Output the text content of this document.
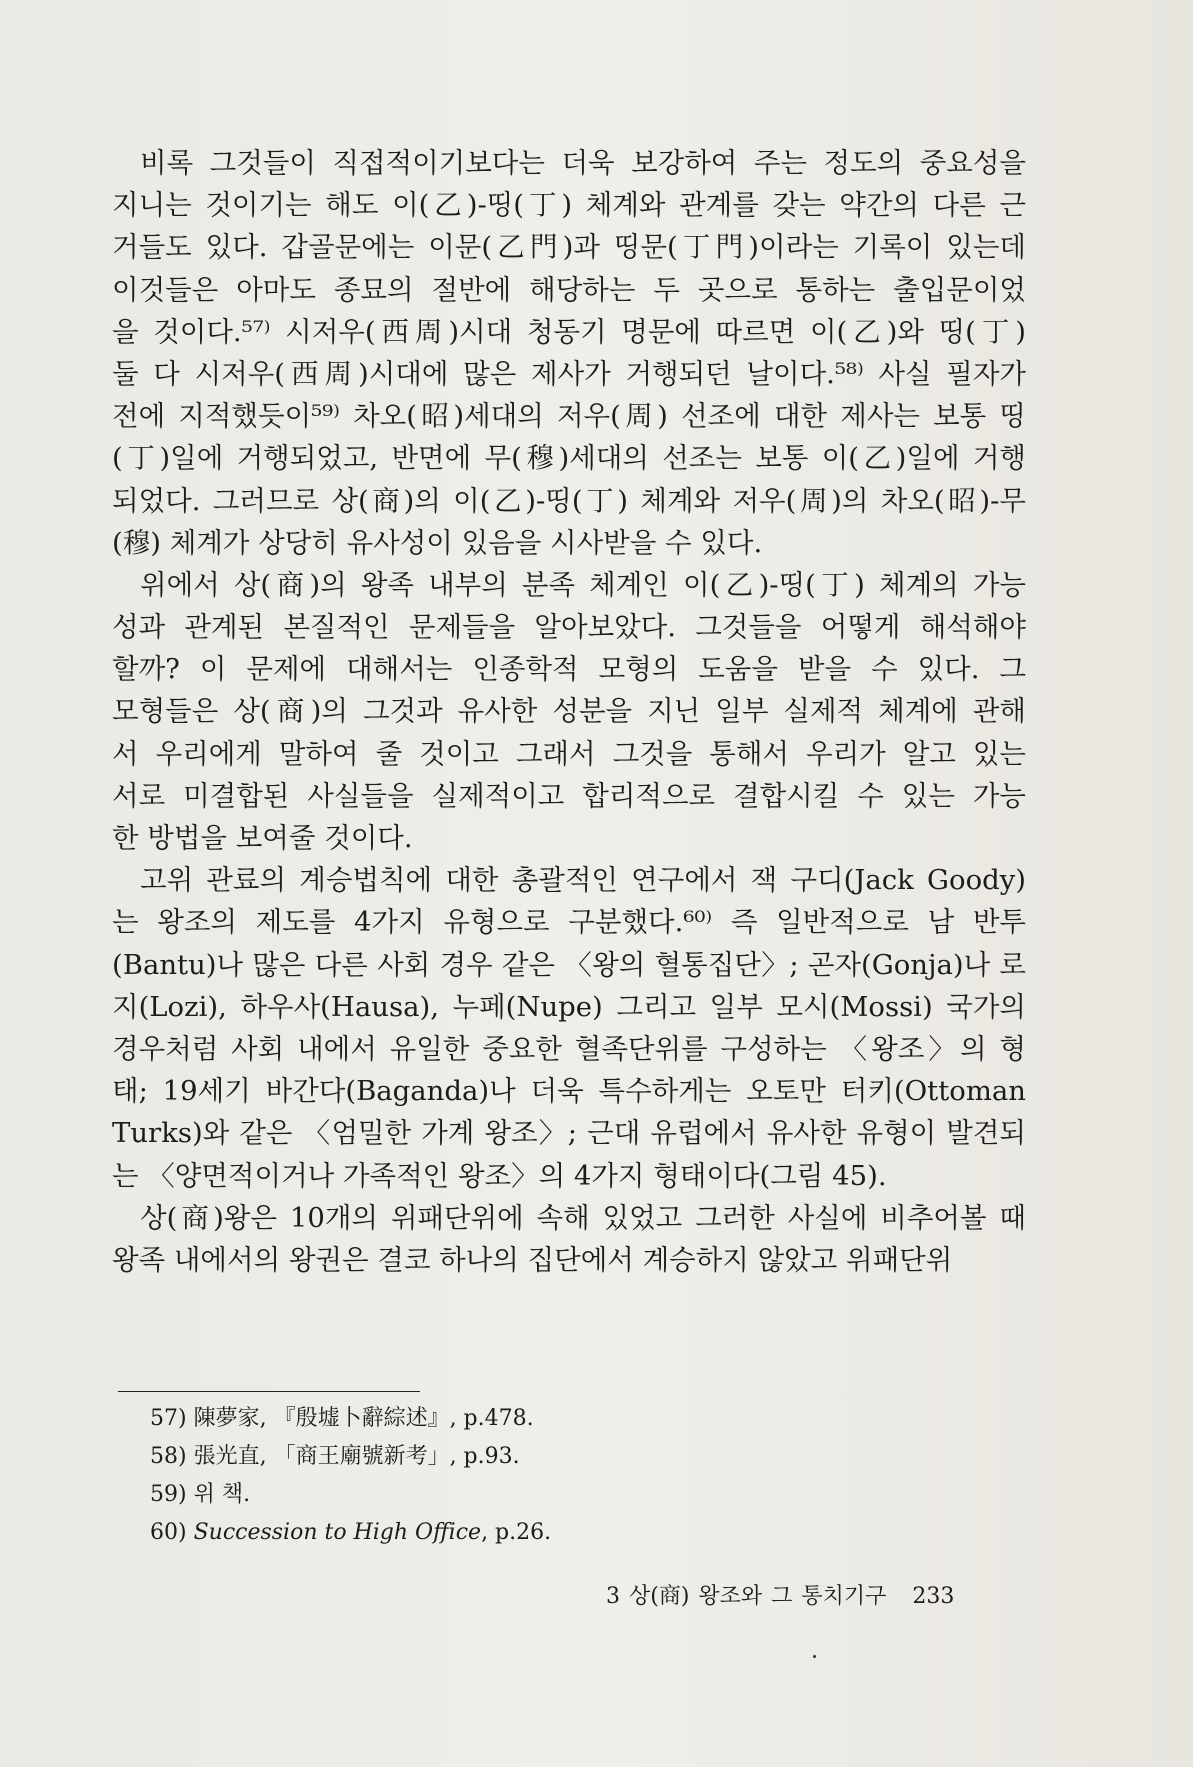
비록 그것들이 직접적이기보다는 더욱 보강하여 주는 정도의 중요성을
지니는 것이기는 해도 이(乙)-띵(丁) 체계와 관계를 갖는 약간의 다른 근
거들도 있다. 갑골문에는 이문(乙門)과 띵문(丁門)이라는 기록이 있는데
이것들은 아마도 종묘의 절반에 해당하는 두 곳으로 통하는 출입문이었
을 것이다.⁵⁷⁾ 시저우(西周)시대 청동기 명문에 따르면 이(乙)와 띵(丁)
둘 다 시저우(西周)시대에 많은 제사가 거행되던 날이다.⁵⁸⁾ 사실 필자가
전에 지적했듯이⁵⁹⁾ 차오(昭)세대의 저우(周) 선조에 대한 제사는 보통 띵
(丁)일에 거행되었고, 반면에 무(穆)세대의 선조는 보통 이(乙)일에 거행
되었다. 그러므로 상(商)의 이(乙)-띵(丁) 체계와 저우(周)의 차오(昭)-무
(穆) 체계가 상당히 유사성이 있음을 시사받을 수 있다.
위에서 상(商)의 왕족 내부의 분족 체계인 이(乙)-띵(丁) 체계의 가능
성과 관계된 본질적인 문제들을 알아보았다. 그것들을 어떻게 해석해야
할까? 이 문제에 대해서는 인종학적 모형의 도움을 받을 수 있다. 그
모형들은 상(商)의 그것과 유사한 성분을 지닌 일부 실제적 체계에 관해
서 우리에게 말하여 줄 것이고 그래서 그것을 통해서 우리가 알고 있는
서로 미결합된 사실들을 실제적이고 합리적으로 결합시킬 수 있는 가능
한 방법을 보여줄 것이다.
고위 관료의 계승법칙에 대한 총괄적인 연구에서 잭 구디(Jack Goody)
는 왕조의 제도를 4가지 유형으로 구분했다.⁶⁰⁾ 즉 일반적으로 남 반투
(Bantu)나 많은 다른 사회 경우 같은 〈왕의 혈통집단〉; 곤자(Gonja)나 로
지(Lozi), 하우사(Hausa), 누페(Nupe) 그리고 일부 모시(Mossi) 국가의
경우처럼 사회 내에서 유일한 중요한 혈족단위를 구성하는 〈왕조〉의 형
태; 19세기 바간다(Baganda)나 더욱 특수하게는 오토만 터키(Ottoman
Turks)와 같은 〈엄밀한 가계 왕조〉; 근대 유럽에서 유사한 유형이 발견되
는 〈양면적이거나 가족적인 왕조〉의 4가지 형태이다(그림 45).
상(商)왕은 10개의 위패단위에 속해 있었고 그러한 사실에 비추어볼 때
왕족 내에서의 왕권은 결코 하나의 집단에서 계승하지 않았고 위패단위
57) 陳夢家, 『殷墟卜辭綜述』, p.478.
58) 張光直, 「商王廟號新考」, p.93.
59) 위 책.
60) Succession to High Office, p.26.
3 상(商) 왕조와 그 통치기구 233
